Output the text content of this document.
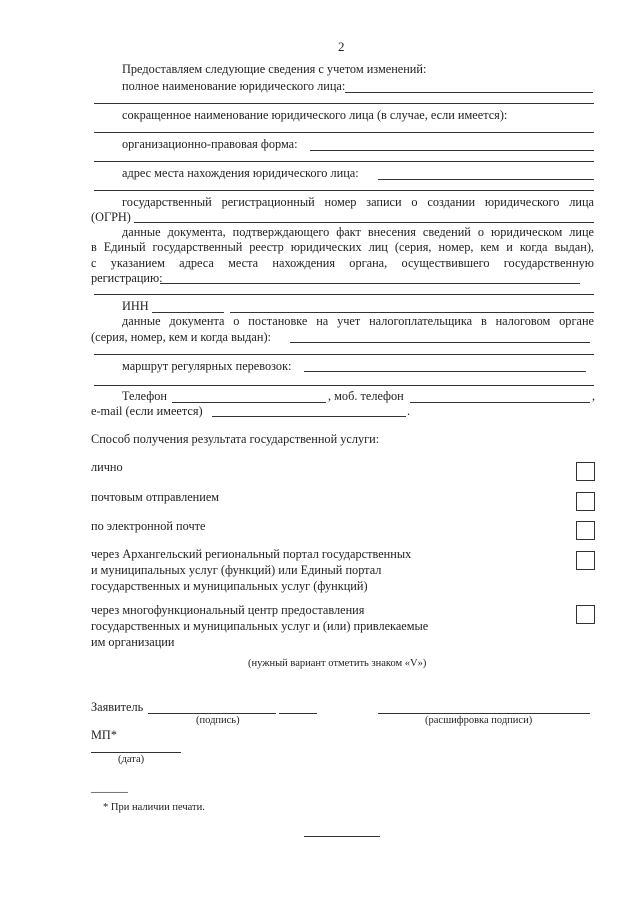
2
Предоставляем следующие сведения с учетом изменений:
полное наименование юридического лица:
сокращенное наименование юридического лица (в случае, если имеется):
организационно-правовая форма:
адрес места нахождения юридического лица:
государственный регистрационный номер записи о создании юридического лица
(ОГРН)
данные документа, подтверждающего факт внесения сведений о юридическом лице
в Единый государственный реестр юридических лиц (серия, номер, кем и когда выдан),
с указанием адреса места нахождения органа, осуществившего государственную
регистрацию:
ИНН
данные документа о постановке на учет налогоплательщика в налоговом органе
(серия, номер, кем и когда выдан):
маршрут регулярных перевозок:
Телефон	, моб. телефон	,
e-mail (если имеется)	.
Способ получения результата государственной услуги:
лично
почтовым отправлением
по электронной почте
через Архангельский региональный портал государственных
и муниципальных услуг (функций) или Единый портал
государственных и муниципальных услуг (функций)
через многофункциональный центр предоставления
государственных и муниципальных услуг и (или) привлекаемые
им организации
(нужный вариант отметить знаком «V»)
Заявитель
(подпись)	(расшифровка подписи)
МП*
(дата)
______
* При наличии печати.
